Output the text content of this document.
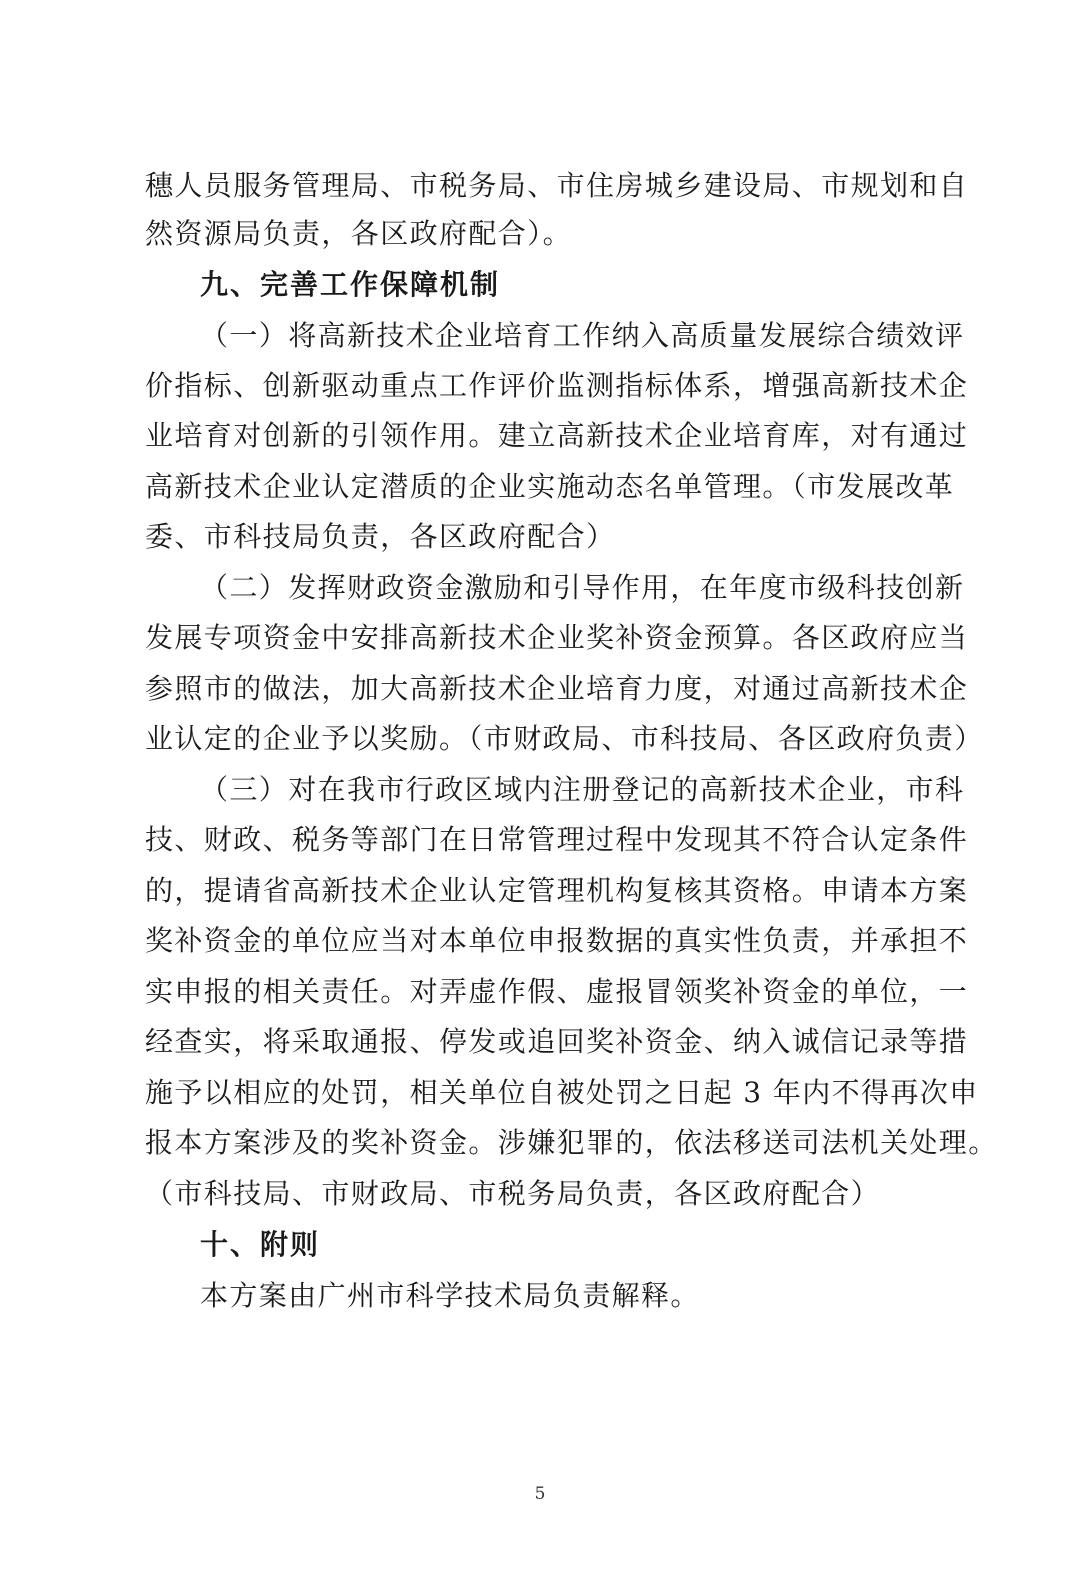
穗人员服务管理局、市税务局、市住房城乡建设局、市规划和自
然资源局负责，各区政府配合）。
九、完善工作保障机制
（一）将高新技术企业培育工作纳入高质量发展综合绩效评
价指标、创新驱动重点工作评价监测指标体系，增强高新技术企
业培育对创新的引领作用。建立高新技术企业培育库，对有通过
高新技术企业认定潜质的企业实施动态名单管理。（市发展改革
委、市科技局负责，各区政府配合）
（二）发挥财政资金激励和引导作用，在年度市级科技创新
发展专项资金中安排高新技术企业奖补资金预算。各区政府应当
参照市的做法，加大高新技术企业培育力度，对通过高新技术企
业认定的企业予以奖励。（市财政局、市科技局、各区政府负责）
（三）对在我市行政区域内注册登记的高新技术企业，市科
技、财政、税务等部门在日常管理过程中发现其不符合认定条件
的，提请省高新技术企业认定管理机构复核其资格。申请本方案
奖补资金的单位应当对本单位申报数据的真实性负责，并承担不
实申报的相关责任。对弄虚作假、虚报冒领奖补资金的单位，一
经查实，将采取通报、停发或追回奖补资金、纳入诚信记录等措
施予以相应的处罚，相关单位自被处罚之日起 3 年内不得再次申
报本方案涉及的奖补资金。涉嫌犯罪的，依法移送司法机关处理。
（市科技局、市财政局、市税务局负责，各区政府配合）
十、附则
本方案由广州市科学技术局负责解释。
5
